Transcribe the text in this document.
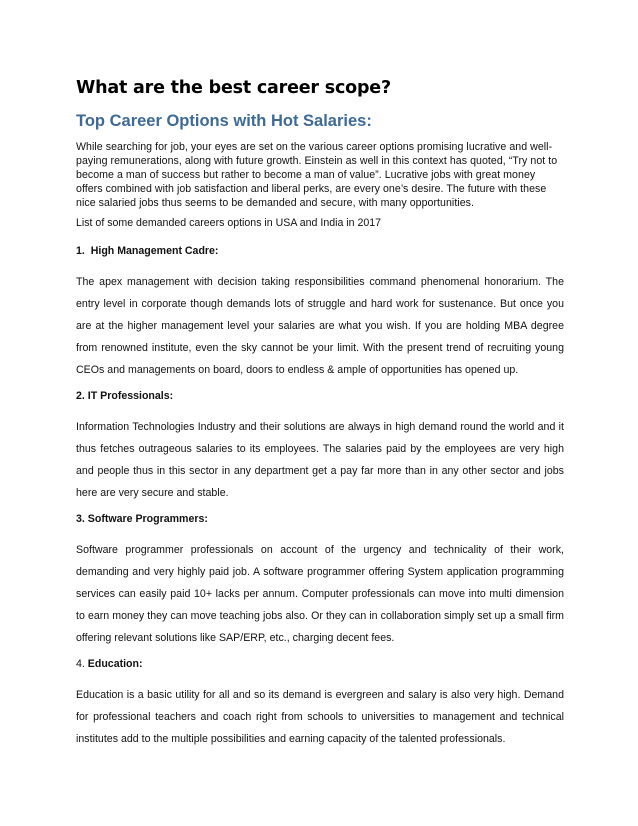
What are the best career scope?
Top Career Options with Hot Salaries:

While searching for job, your eyes are set on the various career options promising lucrative and well-paying remunerations, along with future growth. Einstein as well in this context has quoted, “Try not to become a man of success but rather to become a man of value”. Lucrative jobs with great money offers combined with job satisfaction and liberal perks, are every one’s desire. The future with these nice salaried jobs thus seems to be demanded and secure, with many opportunities.

List of some demanded careers options in USA and India in 2017

1. High Management Cadre:

The apex management with decision taking responsibilities command phenomenal honorarium. The entry level in corporate though demands lots of struggle and hard work for sustenance. But once you are at the higher management level your salaries are what you wish. If you are holding MBA degree from renowned institute, even the sky cannot be your limit. With the present trend of recruiting young CEOs and managements on board, doors to endless & ample of opportunities has opened up.

2. IT Professionals:

Information Technologies Industry and their solutions are always in high demand round the world and it thus fetches outrageous salaries to its employees. The salaries paid by the employees are very high and people thus in this sector in any department get a pay far more than in any other sector and jobs here are very secure and stable.

3. Software Programmers:

Software programmer professionals on account of the urgency and technicality of their work, demanding and very highly paid job. A software programmer offering System application programming services can easily paid 10+ lacks per annum. Computer professionals can move into multi dimension to earn money they can move teaching jobs also. Or they can in collaboration simply set up a small firm offering relevant solutions like SAP/ERP, etc., charging decent fees.

4. Education:

Education is a basic utility for all and so its demand is evergreen and salary is also very high. Demand for professional teachers and coach right from schools to universities to management and technical institutes add to the multiple possibilities and earning capacity of the talented professionals.
